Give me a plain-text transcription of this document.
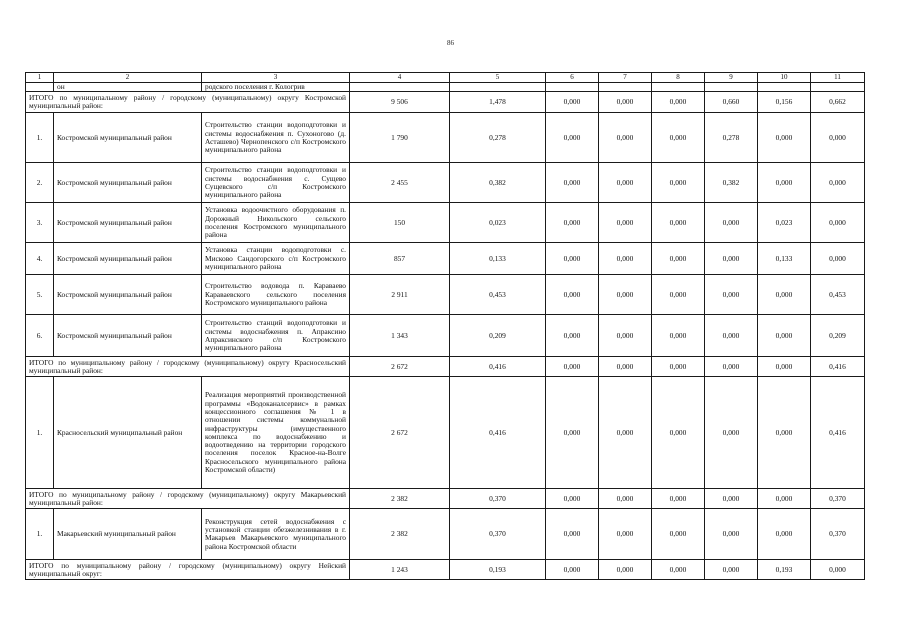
86
1	2	3	4	5	6	7	8	9	10	11
	он	родского поселения г. Кологрив								
ИТОГО по муниципальному району / городскому (муниципальному) округу Костромской муниципальный район:			9 506	1,478	0,000	0,000	0,000	0,660	0,156	0,662
1.	Костромской муниципальный район	Строительство станции водоподготовки и системы водоснабжения п. Сухоногово (д. Асташево) Чернопенского с/п Костромского муниципального района	1 790	0,278	0,000	0,000	0,000	0,278	0,000	0,000
2.	Костромской муниципальный район	Строительство станции водоподготовки и системы водоснабжения с. Сущево Сущевского с/п Костромского муниципального района	2 455	0,382	0,000	0,000	0,000	0,382	0,000	0,000
3.	Костромской муниципальный район	Установка водоочистного оборудования п. Дорожный Никольского сельского поселения Костромского муниципального района	150	0,023	0,000	0,000	0,000	0,000	0,023	0,000
4.	Костромской муниципальный район	Установка станции водоподготовки с. Мисково Сандогорского с/п Костромского муниципального района	857	0,133	0,000	0,000	0,000	0,000	0,133	0,000
5.	Костромской муниципальный район	Строительство водовода п. Караваево Караваевского сельского поселения Костромского муниципального района	2 911	0,453	0,000	0,000	0,000	0,000	0,000	0,453
6.	Костромской муниципальный район	Строительство станций водоподготовки и системы водоснабжения п. Апраксино Апраксинского с/п Костромского муниципального района	1 343	0,209	0,000	0,000	0,000	0,000	0,000	0,209
ИТОГО по муниципальному району / городскому (муниципальному) округу Красносельский муниципальный район:			2 672	0,416	0,000	0,000	0,000	0,000	0,000	0,416
1.	Красносельский муниципальный район	Реализация мероприятий производственной программы «Водоканалсервис» в рамках концессионного соглашения № 1 в отношении системы коммунальной инфраструктуры (имущественного комплекса по водоснабжению и водоотведению на территории городского поселения поселок Красное-на-Волге Красносельского муниципального района Костромской области)	2 672	0,416	0,000	0,000	0,000	0,000	0,000	0,416
ИТОГО по муниципальному району / городскому (муниципальному) округу Макарьевский муниципальный район:			2 382	0,370	0,000	0,000	0,000	0,000	0,000	0,370
1.	Макарьевский муниципальный район	Реконструкция сетей водоснабжения с установкой станции обезжелезнивания в г. Макарьев Макарьевского муниципального района Костромской области	2 382	0,370	0,000	0,000	0,000	0,000	0,000	0,370
ИТОГО по муниципальному району / городскому (муниципальному) округу Нейский муниципальный округ:			1 243	0,193	0,000	0,000	0,000	0,000	0,193	0,000
